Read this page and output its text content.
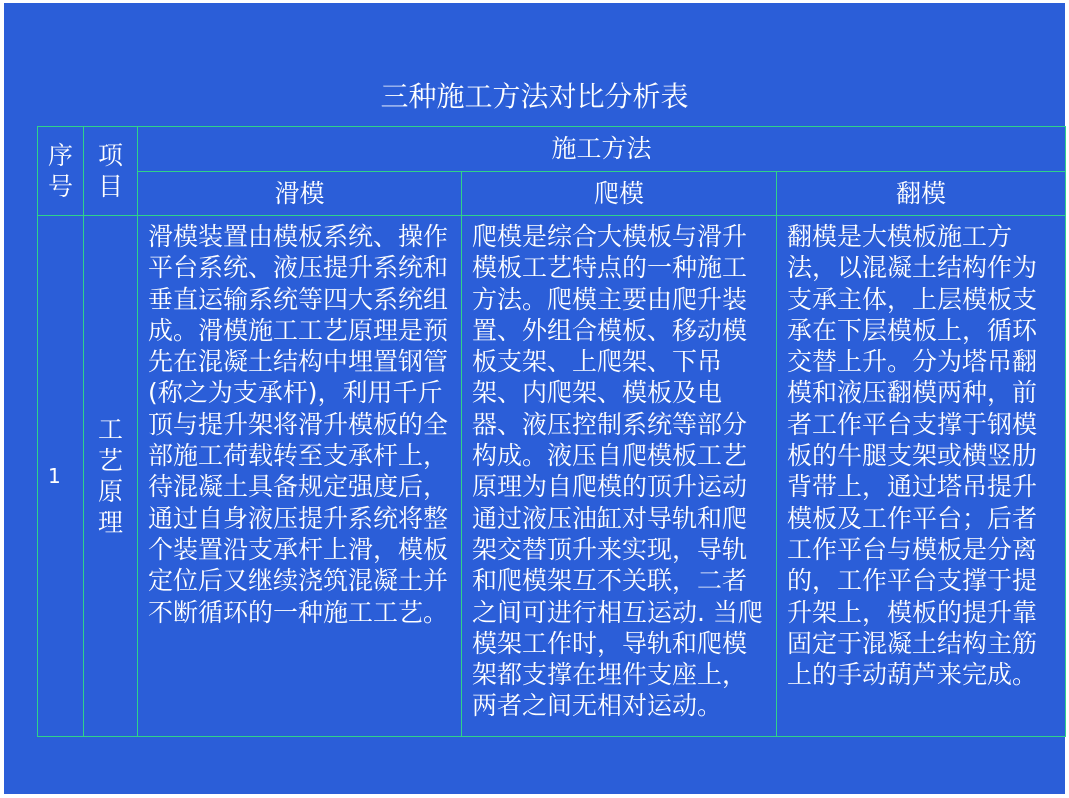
三种施工方法对比分析表
序号	项目	施工方法		
		滑模	爬模	翻模
1	工艺原理	滑模装置由模板系统、操作平台系统、液压提升系统和垂直运输系统等四大系统组成。滑模施工工艺原理是预先在混凝土结构中埋置钢管(称之为支承杆)，利用千斤顶与提升架将滑升模板的全部施工荷载转至支承杆上，待混凝土具备规定强度后，通过自身液压提升系统将整个装置沿支承杆上滑，模板定位后又继续浇筑混凝土并不断循环的一种施工工艺。	爬模是综合大模板与滑升模板工艺特点的一种施工方法。爬模主要由爬升装置、外组合模板、移动模板支架、上爬架、下吊架、内爬架、模板及电器、液压控制系统等部分构成。液压自爬模板工艺原理为自爬模的顶升运动通过液压油缸对导轨和爬架交替顶升来实现，导轨和爬模架互不关联，二者之间可进行相互运动. 当爬模架工作时，导轨和爬模架都支撑在埋件支座上，两者之间无相对运动。	翻模是大模板施工方法，以混凝土结构作为支承主体，上层模板支承在下层模板上，循环交替上升。分为塔吊翻模和液压翻模两种，前者工作平台支撑于钢模板的牛腿支架或横竖肋背带上，通过塔吊提升模板及工作平台；后者工作平台与模板是分离的，工作平台支撑于提升架上，模板的提升靠固定于混凝土结构主筋上的手动葫芦来完成。
